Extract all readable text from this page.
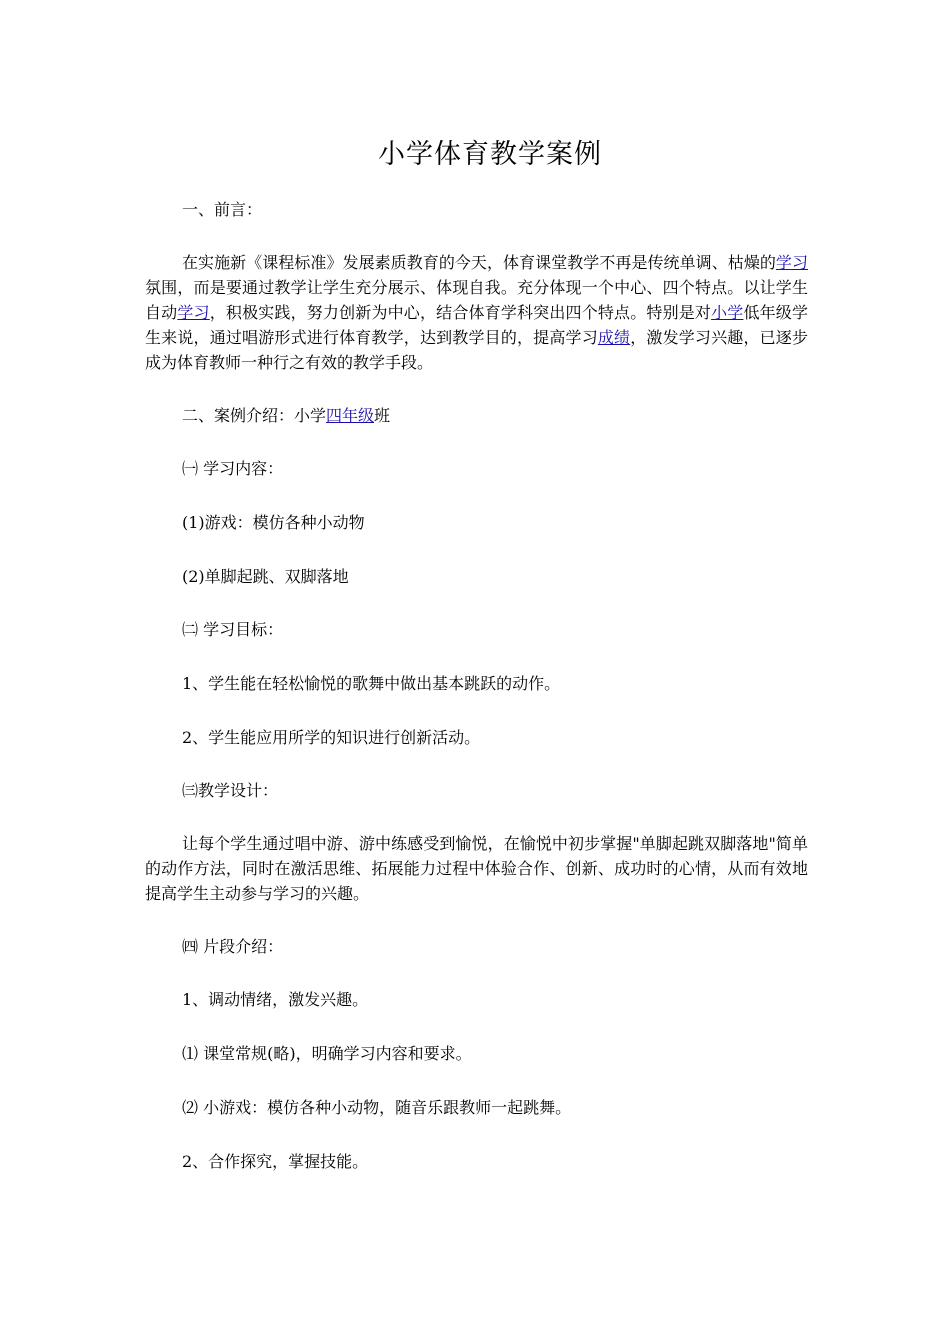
小学体育教学案例
一、前言：
在实施新《课程标准》发展素质教育的今天，体育课堂教学不再是传统单调、枯燥的学习氛围，而是要通过教学让学生充分展示、体现自我。充分体现一个中心、四个特点。以让学生自动学习，积极实践，努力创新为中心，结合体育学科突出四个特点。特别是对小学低年级学生来说，通过唱游形式进行体育教学，达到教学目的，提高学习成绩，激发学习兴趣，已逐步成为体育教师一种行之有效的教学手段。
二、案例介绍：小学四年级班
㈠ 学习内容：
(1)游戏：模仿各种小动物
(2)单脚起跳、双脚落地
㈡ 学习目标：
1、学生能在轻松愉悦的歌舞中做出基本跳跃的动作。
2、学生能应用所学的知识进行创新活动。
㈢教学设计：
让每个学生通过唱中游、游中练感受到愉悦，在愉悦中初步掌握"单脚起跳双脚落地"简单的动作方法，同时在激活思维、拓展能力过程中体验合作、创新、成功时的心情，从而有效地提高学生主动参与学习的兴趣。
㈣ 片段介绍：
1、调动情绪，激发兴趣。
⑴ 课堂常规(略)，明确学习内容和要求。
⑵ 小游戏：模仿各种小动物，随音乐跟教师一起跳舞。
2、合作探究，掌握技能。
